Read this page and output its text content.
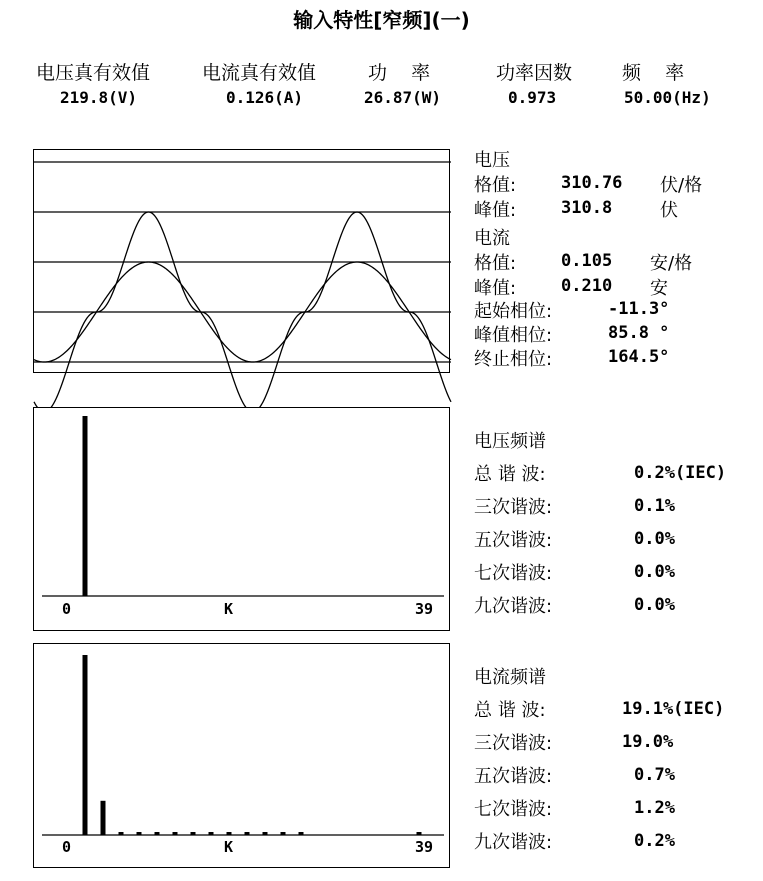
输入特性[窄频](一)
电压真有效值	电流真有效值	功    率	功率因数	频    率
219.8(V)	0.126(A)	26.87(W)	0.973	50.00(Hz)
电压
格值:	310.76 伏/格
峰值:	310.8	伏
电流
格值:	0.105 安/格
峰值:	0.210 安
起始相位:	-11.3°
峰值相位:	85.8 °
终止相位:	164.5°
0	K	39
电压频谱
总 谐 波:	0.2%(IEC)
三次谐波:	0.1%
五次谐波:	0.0%
七次谐波:	0.0%
九次谐波:	0.0%
0	K	39
电流频谱
总 谐 波:	19.1%(IEC)
三次谐波:	19.0%
五次谐波:	0.7%
七次谐波:	1.2%
九次谐波:	0.2%
